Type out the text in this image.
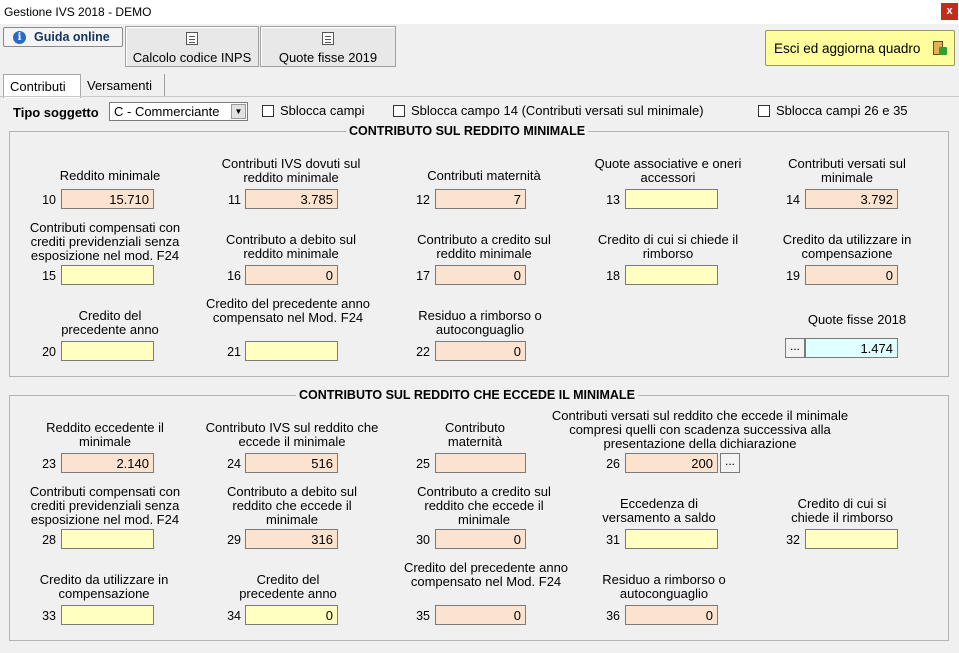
Gestione IVS 2018 - DEMO	x
i	Guida online
Calcolo codice INPS	Quote fisse 2019
Esci ed aggiorna quadro
Contributi	Versamenti
Tipo soggetto C - Commerciante	▼	Sblocca campi	Sblocca campo 14 (Contributi versati sul minimale)	Sblocca campi 26 e 35
CONTRIBUTO SUL REDDITO MINIMALE
Reddito minimale
10	15.710
Contributi IVS dovuti sul reddito minimale
11	3.785
Contributi maternità
12	7
Quote associative e oneri accessori
13
Contributi versati sul minimale
14	3.792
Contributi compensati con crediti previdenziali senza esposizione nel mod. F24
15
Contributo a debito sul reddito minimale
16	0
Contributo a credito sul reddito minimale
17	0
Credito di cui si chiede il rimborso
18
Credito da utilizzare in compensazione
19	0
Credito del precedente anno
20
Credito del precedente anno compensato nel Mod. F24
21
Residuo a rimborso o autoconguaglio
22	0
Quote fisse 2018
...	1.474
CONTRIBUTO SUL REDDITO CHE ECCEDE IL MINIMALE
Reddito eccedente il minimale
23	2.140
Contributo IVS sul reddito che eccede il minimale
24	516
Contributo maternità
25
Contributi versati sul reddito che eccede il minimale compresi quelli con scadenza successiva alla presentazione della dichiarazione
26	200 ...
Contributi compensati con crediti previdenziali senza esposizione nel mod. F24
28
Contributo a debito sul reddito che eccede il minimale
29	316
Contributo a credito sul reddito che eccede il minimale
30	0
Eccedenza di versamento a saldo
31
Credito di cui si chiede il rimborso
32
Credito da utilizzare in compensazione
33
Credito del precedente anno
34	0
Credito del precedente anno compensato nel Mod. F24
35	0
Residuo a rimborso o autoconguaglio
36	0
